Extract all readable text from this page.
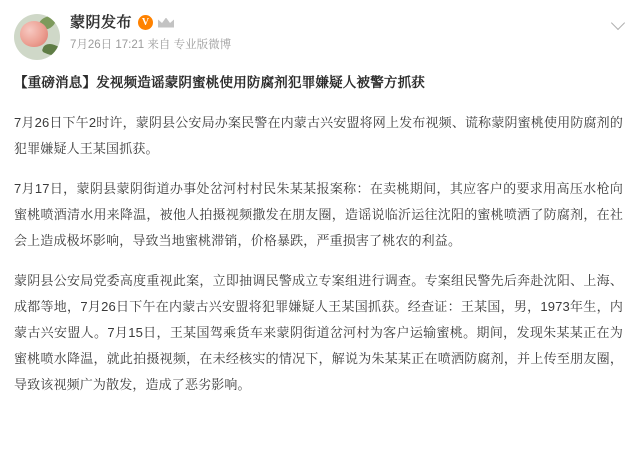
蒙阴发布 V
7月26日 17:21 来自 专业版微博
【重磅消息】发视频造谣蒙阴蜜桃使用防腐剂犯罪嫌疑人被警方抓获

7月26日下午2时许，蒙阴县公安局办案民警在内蒙古兴安盟将网上发布视频、谎称蒙阴蜜桃使用防腐剂的犯罪嫌疑人王某国抓获。

7月17日，蒙阴县蒙阴街道办事处岔河村村民朱某某报案称：在卖桃期间，其应客户的要求用高压水枪向蜜桃喷酒清水用来降温，被他人拍摄视频撒发在朋友圈，造谣说临沂运往沈阳的蜜桃喷洒了防腐剂，在社会上造成极坏影响，导致当地蜜桃滞销，价格暴跌，严重损害了桃农的利益。

蒙阴县公安局党委高度重视此案，立即抽调民警成立专案组进行调查。专案组民警先后奔赴沈阳、上海、成都等地，7月26日下午在内蒙古兴安盟将犯罪嫌疑人王某国抓获。经查证：王某国，男，1973年生，内蒙古兴安盟人。7月15日，王某国驾乘货车来蒙阴街道岔河村为客户运输蜜桃。期间，发现朱某某正在为蜜桃喷水降温，就此拍摄视频，在未经核实的情况下，解说为朱某某正在喷洒防腐剂，并上传至朋友圈，导致该视频广为散发，造成了恶劣影响。
